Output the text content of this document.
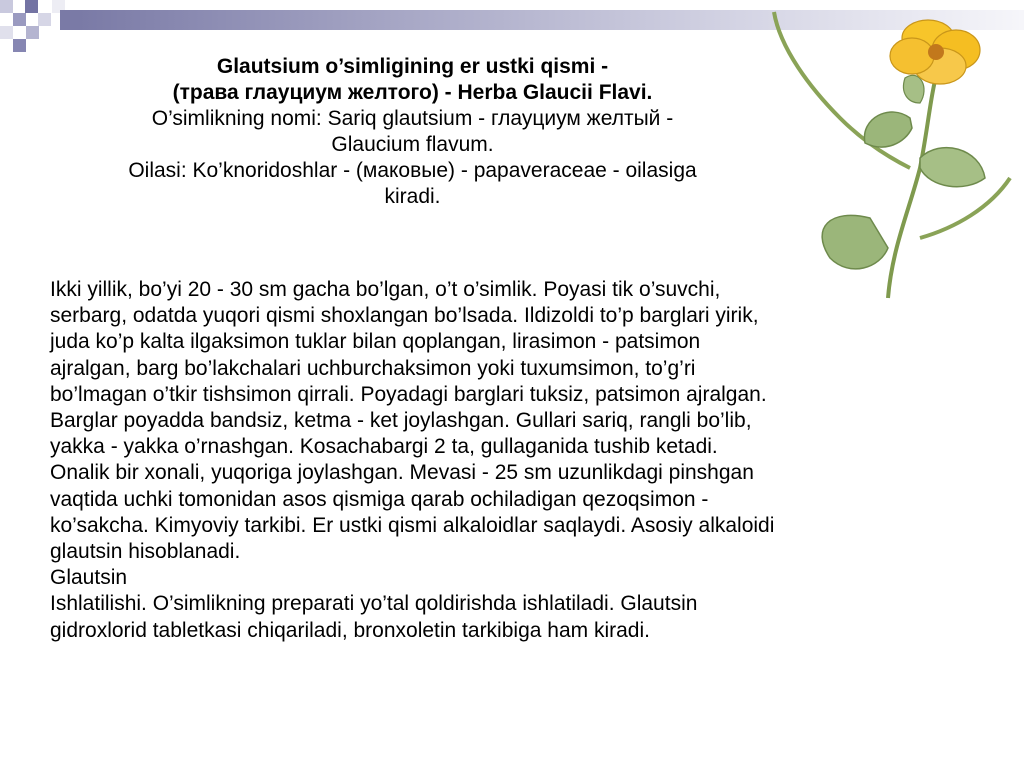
Glautsium o’simligining er ustki qismi -
(трава глауциум желтого) - Herba Glaucii Flavi.
O’simlikning nomi: Sariq glautsium - глауциум желтый -
Glaucium flavum.
Oilasi: Ko’knoridoshlar - (маковые) - papaveraceae - oilasiga
kiradi.
Ikki yillik, bo’yi 20 - 30 sm gacha bo’lgan, o’t o’simlik. Poyasi tik o’suvchi,
serbarg, odatda yuqori qismi shoxlangan bo’lsada. Ildizoldi to’p barglari yirik,
juda ko’p kalta ilgaksimon tuklar bilan qoplangan, lirasimon - patsimon
ajralgan, barg bo’lakchalari uchburchaksimon yoki tuxumsimon, to’g’ri
bo’lmagan o’tkir tishsimon qirrali. Poyadagi barglari tuksiz, patsimon ajralgan.
Barglar poyadda bandsiz, ketma - ket joylashgan. Gullari sariq, rangli bo’lib,
yakka - yakka o’rnashgan. Kosachabargi 2 ta, gullaganida tushib ketadi.
Onalik bir xonali, yuqoriga joylashgan. Mevasi - 25 sm uzunlikdagi pinshgan
vaqtida uchki tomonidan asos qismiga qarab ochiladigan qezoqsimon -
ko’sakcha. Kimyoviy tarkibi. Er ustki qismi alkaloidlar saqlaydi. Asosiy alkaloidi
glautsin hisoblanadi.
Glautsin
Ishlatilishi. O’simlikning preparati yo’tal qoldirishda ishlatiladi. Glautsin
gidroxlorid tabletkasi chiqariladi, bronxoletin tarkibiga ham kiradi.
